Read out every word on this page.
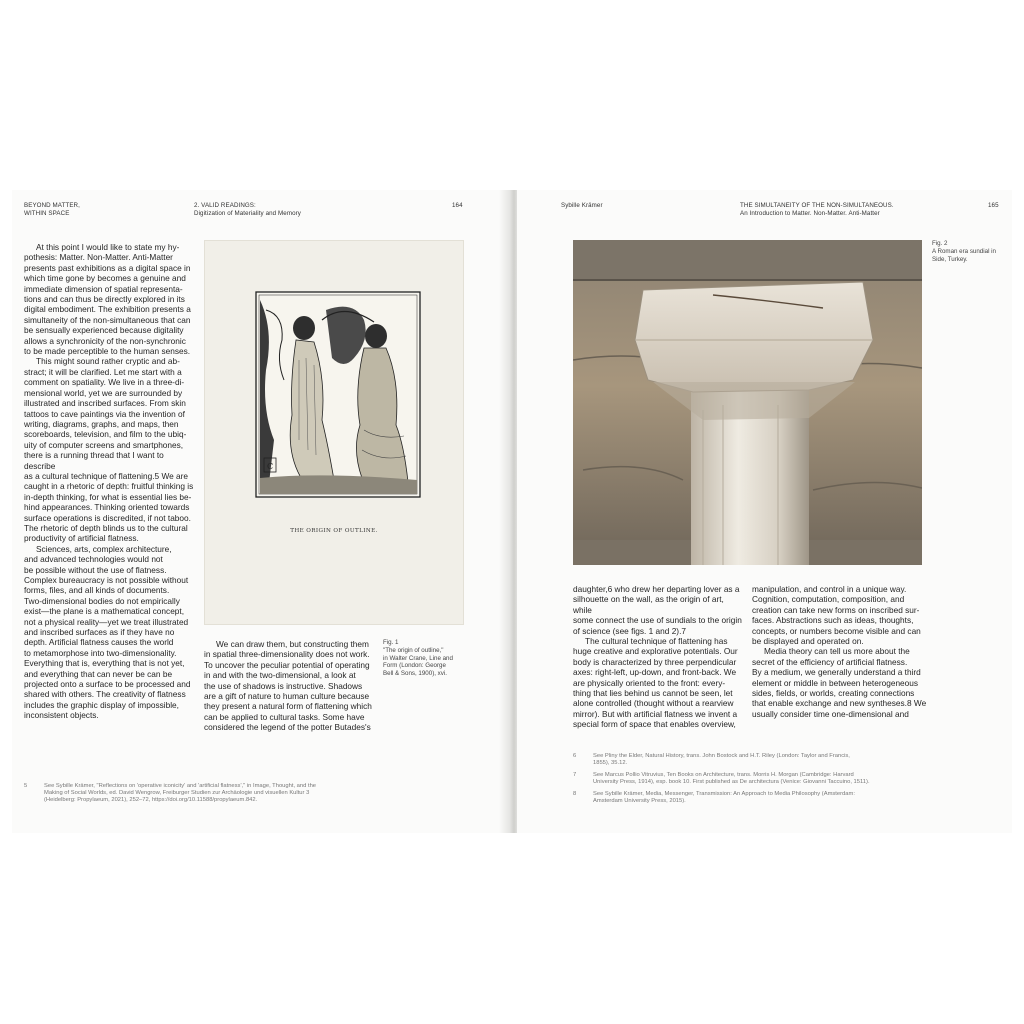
BEYOND MATTER,
WITHIN SPACE
2. VALID READINGS:
Digitization of Materiality and Memory
164

At this point I would like to state my hy-
pothesis: Matter. Non-Matter. Anti-Matter
presents past exhibitions as a digital space in
which time gone by becomes a genuine and
immediate dimension of spatial representa-
tions and can thus be directly explored in its
digital embodiment. The exhibition presents a
simultaneity of the non-simultaneous that can
be sensually experienced because digitality
allows a synchronicity of the non-synchronic
to be made perceptible to the human senses.

This might sound rather cryptic and ab-
stract; it will be clarified. Let me start with a
comment on spatiality. We live in a three-di-
mensional world, yet we are surrounded by
illustrated and inscribed surfaces. From skin
tattoos to cave paintings via the invention of
writing, diagrams, graphs, and maps, then
scoreboards, television, and film to the ubiq-
uity of computer screens and smartphones,
there is a running thread that I want to describe
as a cultural technique of flattening.5 We are
caught in a rhetoric of depth: fruitful thinking is
in-depth thinking, for what is essential lies be-
hind appearances. Thinking oriented towards
surface operations is discredited, if not taboo.
The rhetoric of depth blinds us to the cultural
productivity of artificial flatness.

Sciences, arts, complex architecture,
and advanced technologies would not
be possible without the use of flatness.
Complex bureaucracy is not possible without
forms, files, and all kinds of documents.
Two-dimensional bodies do not empirically
exist—the plane is a mathematical concept,
not a physical reality—yet we treat illustrated
and inscribed surfaces as if they have no
depth. Artificial flatness causes the world
to metamorphose into two-dimensionality.
Everything that is, everything that is not yet,
and everything that can never be can be
projected onto a surface to be processed and
shared with others. The creativity of flatness
includes the graphic display of impossible,
inconsistent objects.

C
THE ORIGIN OF OUTLINE.

We can draw them, but constructing them
in spatial three-dimensionality does not work.
To uncover the peculiar potential of operating
in and with the two-dimensional, a look at
the use of shadows is instructive. Shadows
are a gift of nature to human culture because
they present a natural form of flattening which
can be applied to cultural tasks. Some have
considered the legend of the potter Butades's

Fig. 1
"The origin of outline,"
in Walter Crane, Line and
Form (London: George
Bell & Sons, 1900), xvi.
5	See Sybille Krämer, "Reflections on 'operative iconicity' and 'artificial flatness'," in Image, Thought, and the
Making of Social Worlds, ed. David Wengrow, Freiburger Studien zur Archäologie und visuellen Kultur 3
(Heidelberg: Propylaeum, 2021), 252–72, https://doi.org/10.11588/propylaeum.842.
Sybille Krämer	THE SIMULTANEITY OF THE NON-SIMULTANEOUS.
An Introduction to Matter. Non-Matter. Anti-Matter
165
Fig. 2
A Roman era sundial in
Side, Turkey.

daughter,6 who drew her departing lover as a
silhouette on the wall, as the origin of art, while
some connect the use of sundials to the origin
of science (see figs. 1 and 2).7

The cultural technique of flattening has
huge creative and explorative potentials. Our
body is characterized by three perpendicular
axes: right-left, up-down, and front-back. We
are physically oriented to the front: every-
thing that lies behind us cannot be seen, let
alone controlled (thought without a rearview
mirror). But with artificial flatness we invent a
special form of space that enables overview,

manipulation, and control in a unique way.
Cognition, computation, composition, and
creation can take new forms on inscribed sur-
faces. Abstractions such as ideas, thoughts,
concepts, or numbers become visible and can
be displayed and operated on.

Media theory can tell us more about the
secret of the efficiency of artificial flatness.
By a medium, we generally understand a third
element or middle in between heterogeneous
sides, fields, or worlds, creating connections
that enable exchange and new syntheses.8 We
usually consider time one-dimensional and

6	See Pliny the Elder, Natural History, trans. John Bostock and H.T. Riley (London: Taylor and Francis,
1855), 35.12.
7	See Marcus Pollio Vitruvius, Ten Books on Architecture, trans. Morris H. Morgan (Cambridge: Harvard
University Press, 1914), esp. book 10. First published as De architectura (Venice: Giovanni Taccuino, 1511).
8	See Sybille Krämer, Media, Messenger, Transmission: An Approach to Media Philosophy (Amsterdam:
Amsterdam University Press, 2015).
